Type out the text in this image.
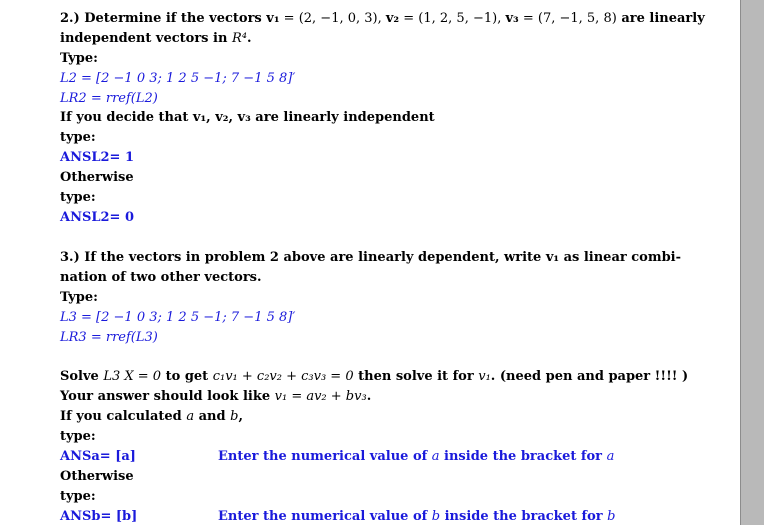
2.) Determine if the vectors v₁ = (2, −1, 0, 3), v₂ = (1, 2, 5, −1), v₃ = (7, −1, 5, 8) are linearly
independent vectors in R⁴.
Type:
L2 = [2 −1 0 3; 1 2 5 −1; 7 −1 5 8]′
LR2 = rref(L2)
If you decide that v₁, v₂, v₃ are linearly independent
type:
ANSL2= 1
Otherwise
type:
ANSL2= 0
3.) If the vectors in problem 2 above are linearly dependent, write v₁ as linear combi-
nation of two other vectors.
Type:
L3 = [2 −1 0 3; 1 2 5 −1; 7 −1 5 8]′
LR3 = rref(L3)
Solve L3 X = 0 to get c₁v₁ + c₂v₂ + c₃v₃ = 0 then solve it for v₁. (need pen and paper !!!! )
Your answer should look like v₁ = av₂ + bv₃.
If you calculated a and b,
type:
ANSa= [a]	Enter the numerical value of a inside the bracket for a
Otherwise
type:
ANSb= [b]	Enter the numerical value of b inside the bracket for b
